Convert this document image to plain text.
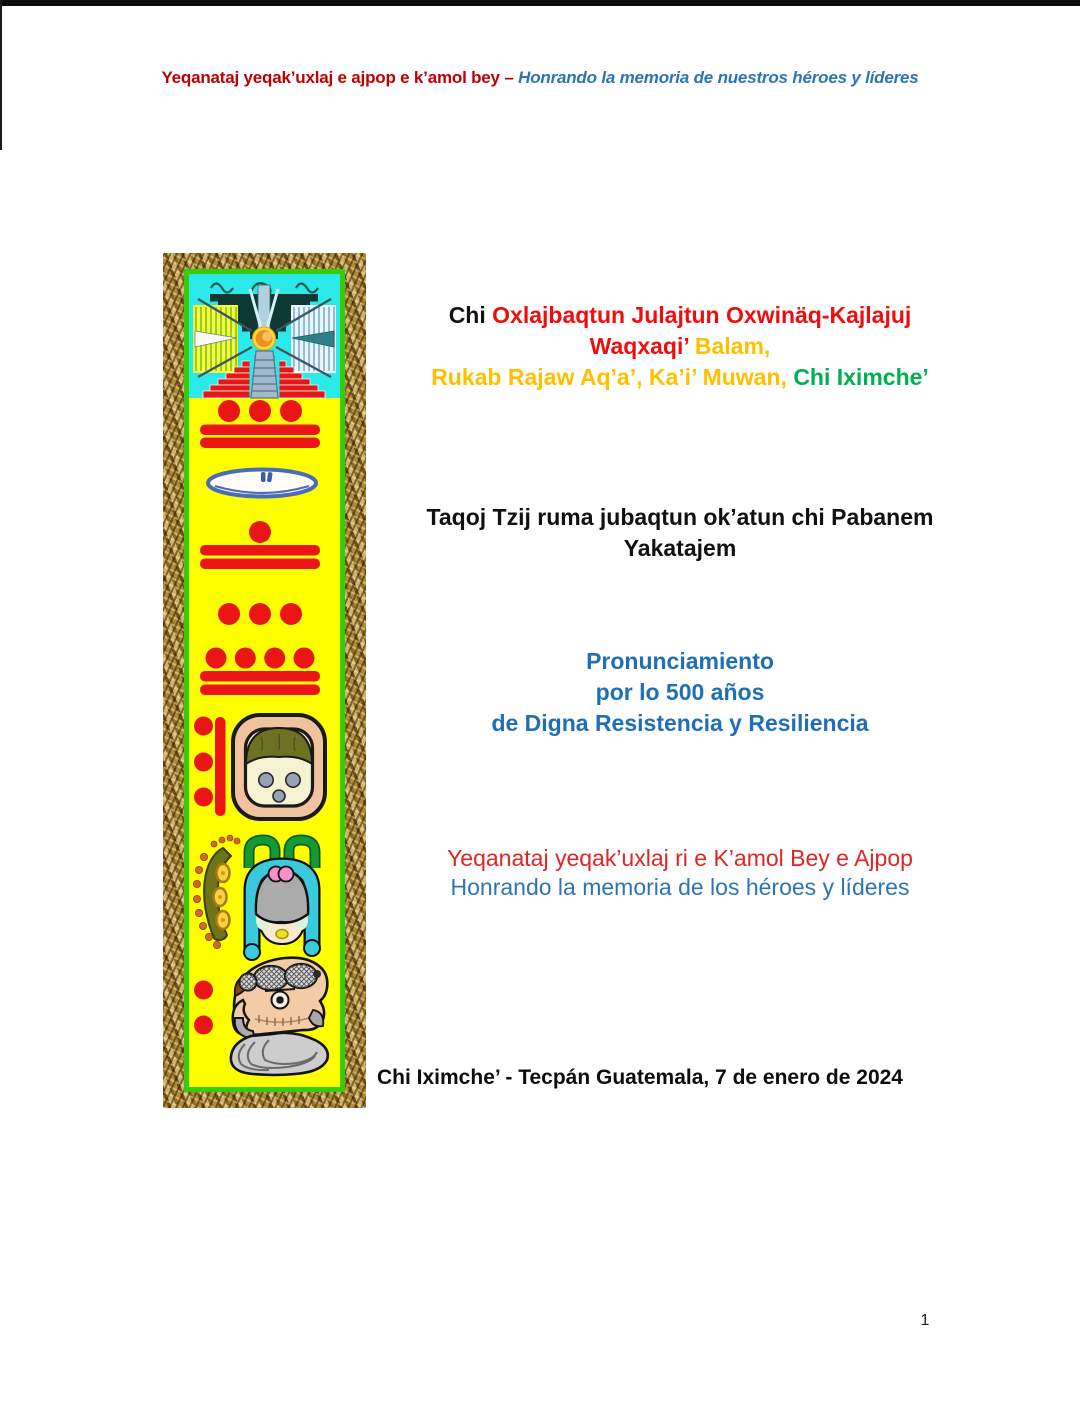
Yeqanataj yeqak’uxlaj e ajpop e k’amol bey – Honrando la memoria de nuestros héroes y líderes
Chi Oxlajbaqtun Julajtun Oxwinäq-Kajlajuj
Waqxaqi’ Balam,
Rukab Rajaw Aq’a’, Ka’i’ Muwan, Chi Iximche’
Taqoj Tzij ruma jubaqtun ok’atun chi Pabanem
Yakatajem
Pronunciamiento
por lo 500 años
de Digna Resistencia y Resiliencia
Yeqanataj yeqak’uxlaj ri e K’amol Bey e Ajpop
Honrando la memoria de los héroes y líderes
Chi Iximche’ - Tecpán Guatemala, 7 de enero de 2024
1
